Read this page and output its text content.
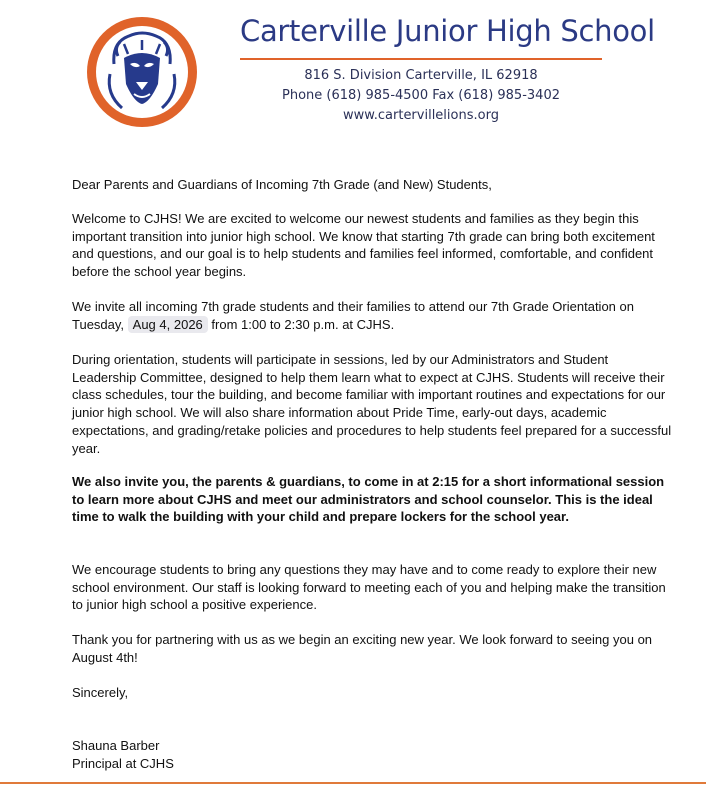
Carterville Junior High School
816 S. Division Carterville, IL 62918
Phone (618) 985-4500 Fax (618) 985-3402
www.cartervillelions.org

Dear Parents and Guardians of Incoming 7th Grade (and New) Students,

Welcome to CJHS! We are excited to welcome our newest students and families as they begin this important transition into junior high school. We know that starting 7th grade can bring both excitement and questions, and our goal is to help students and families feel informed, comfortable, and confident before the school year begins.

We invite all incoming 7th grade students and their families to attend our 7th Grade Orientation on Tuesday, Aug 4, 2026 from 1:00 to 2:30 p.m. at CJHS.

During orientation, students will participate in sessions, led by our Administrators and Student Leadership Committee, designed to help them learn what to expect at CJHS. Students will receive their class schedules, tour the building, and become familiar with important routines and expectations for our junior high school. We will also share information about Pride Time, early-out days, academic expectations, and grading/retake policies and procedures to help students feel prepared for a successful year.

We also invite you, the parents & guardians, to come in at 2:15 for a short informational session to learn more about CJHS and meet our administrators and school counselor. This is the ideal time to walk the building with your child and prepare lockers for the school year.

We encourage students to bring any questions they may have and to come ready to explore their new school environment. Our staff is looking forward to meeting each of you and helping make the transition to junior high school a positive experience.

Thank you for partnering with us as we begin an exciting new year. We look forward to seeing you on August 4th!

Sincerely,

Shauna Barber

Principal at CJHS
